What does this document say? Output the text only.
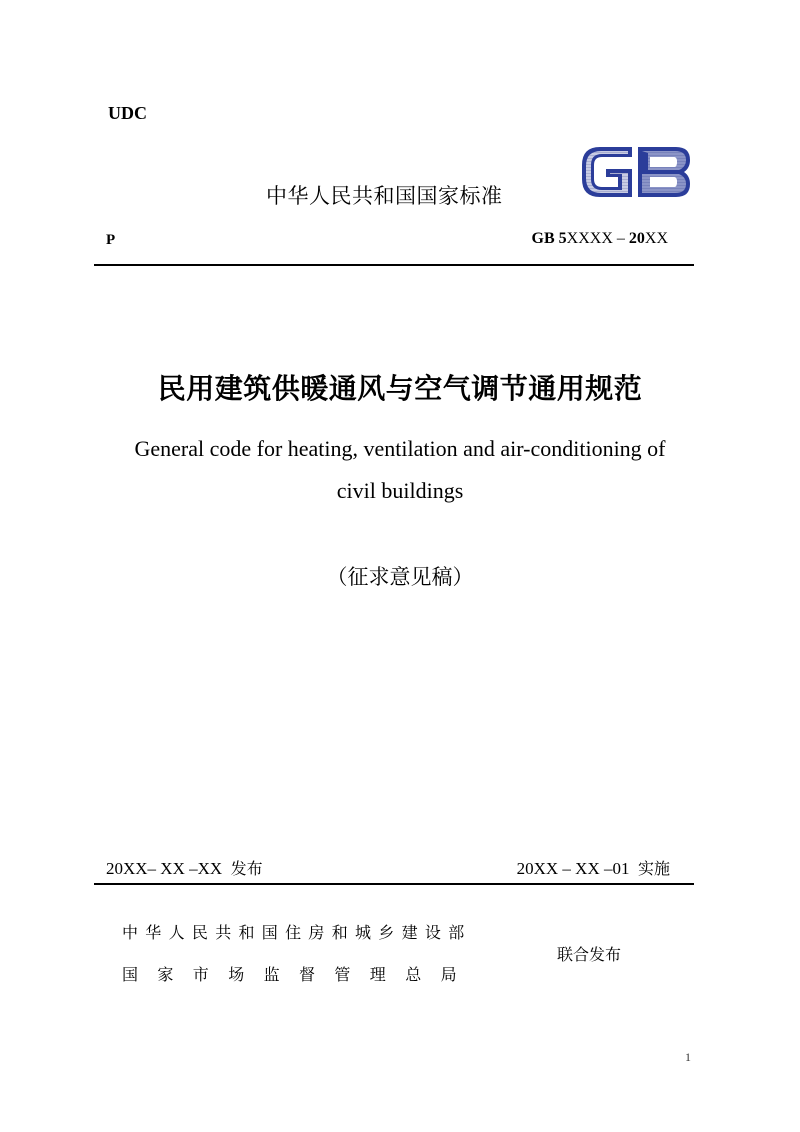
UDC
中华人民共和国国家标准
P	GB 5XXXX – 20XX
民用建筑供暖通风与空气调节通用规范
General code for heating, ventilation and air-conditioning of
civil buildings
（征求意见稿）
20XX– XX –XX 发布	20XX – XX –01 实施
中华人民共和国住房和城乡建设部
国家市场监督管理总局
联合发布
1
